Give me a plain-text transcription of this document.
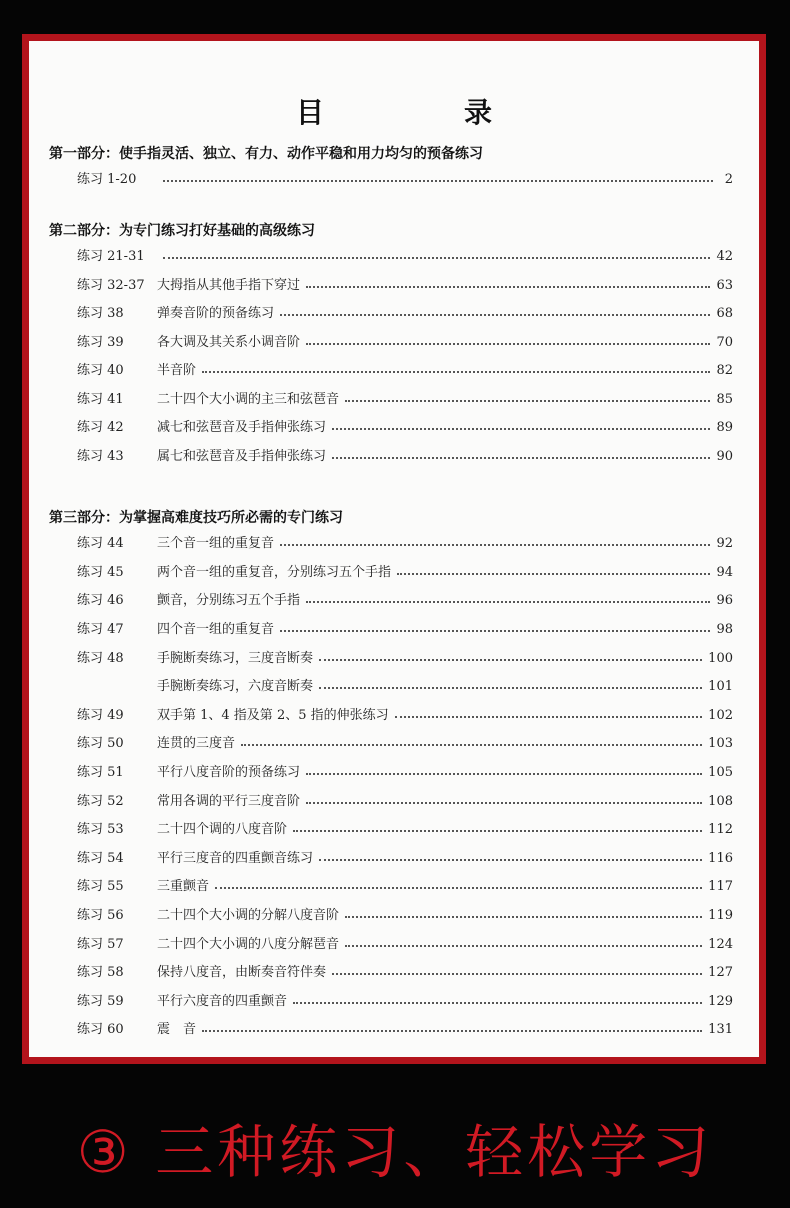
目　录
第一部分：使手指灵活、独立、有力、动作平稳和用力均匀的预备练习
练习 1-20	2
第二部分：为专门练习打好基础的高级练习
练习 21-31	42
练习 32-37 大拇指从其他手指下穿过	63
练习 38	弹奏音阶的预备练习	68
练习 39	各大调及其关系小调音阶	70
练习 40	半音阶	82
练习 41	二十四个大小调的主三和弦琶音	85
练习 42	减七和弦琶音及手指伸张练习	89
练习 43	属七和弦琶音及手指伸张练习	90
第三部分：为掌握高难度技巧所必需的专门练习
练习 44	三个音一组的重复音	92
练习 45	两个音一组的重复音，分别练习五个手指	94
练习 46	颤音，分别练习五个手指	96
练习 47	四个音一组的重复音	98
练习 48	手腕断奏练习，三度音断奏	100
手腕断奏练习，六度音断奏	101
练习 49	双手第 1、4 指及第 2、5 指的伸张练习	102
练习 50	连贯的三度音	103
练习 51	平行八度音阶的预备练习	105
练习 52	常用各调的平行三度音阶	108
练习 53	二十四个调的八度音阶	112
练习 54	平行三度音的四重颤音练习	116
练习 55	三重颤音	117
练习 56	二十四个大小调的分解八度音阶	119
练习 57	二十四个大小调的八度分解琶音	124
练习 58	保持八度音，由断奏音符伴奏	127
练习 59	平行六度音的四重颤音	129
练习 60	震　音	131
③ 三种练习、轻松学习
